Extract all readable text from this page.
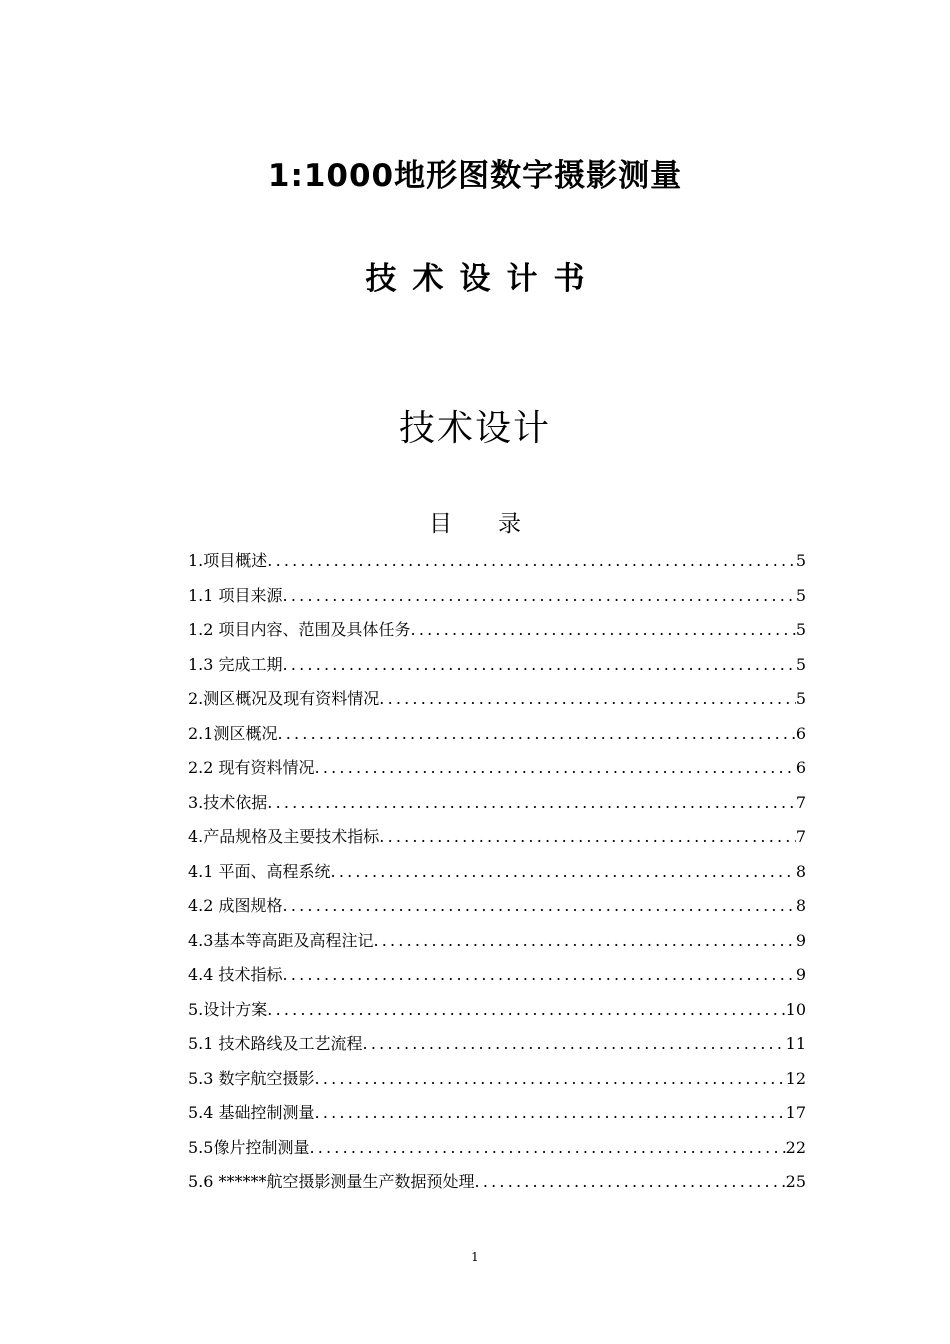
1:1000地形图数字摄影测量
技术设计书
技术设计
目录
1.项目概述 .....	5
1.1 项目来源 .....	5
1.2 项目内容、范围及具体任务 .....	5
1.3 完成工期 .....	5
2.测区概况及现有资料情况 .....	5
2.1测区概况 .....	6
2.2 现有资料情况 .....	6
3.技术依据 .....	7
4.产品规格及主要技术指标 .....	7
4.1 平面、高程系统 .....	8
4.2 成图规格 .....	8
4.3基本等高距及高程注记 .....	9
4.4 技术指标 .....	9
5.设计方案 .....	10
5.1 技术路线及工艺流程 .....	11
5.3 数字航空摄影 .....	12
5.4 基础控制测量 .....	17
5.5像片控制测量 .....	22
5.6 ******航空摄影测量生产数据预处理 .....	25
1
